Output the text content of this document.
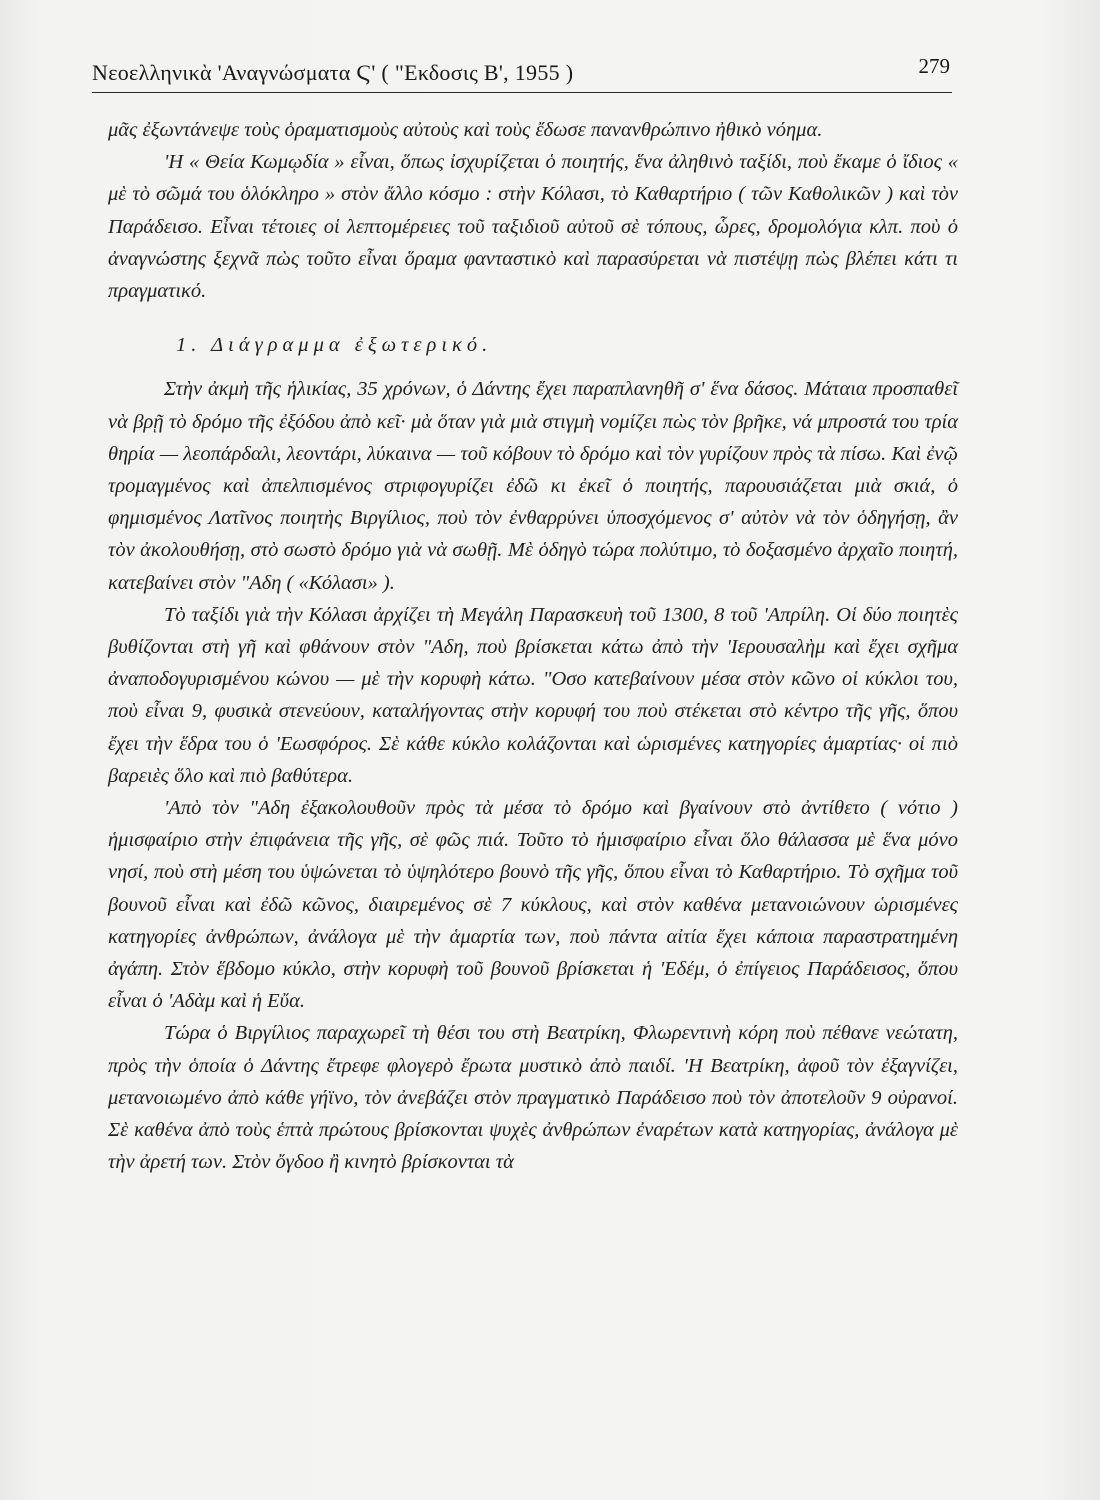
Νεοελληνικὰ 'Αναγνώσματα Ϛ' ( "Εκδοσις Β', 1955 )	279

μᾶς ἐξωντάνεψε τοὺς ὁραματισμοὺς αὐτοὺς καὶ τοὺς ἔδωσε πανανθρώπινο ἠθικὸ νόημα.

'Η « Θεία Κωμῳδία » εἶναι, ὅπως ἰσχυρίζεται ὁ ποιητής, ἕνα ἀληθινὸ ταξίδι, ποὺ ἔκαμε ὁ ἴδιος « μὲ τὸ σῶμά του ὁλόκληρο » στὸν ἄλλο κόσμο : στὴν Κόλασι, τὸ Καθαρτήριο ( τῶν Καθολικῶν ) καὶ τὸν Παράδεισο. Εἶναι τέτοιες οἱ λεπτομέρειες τοῦ ταξιδιοῦ αὐτοῦ σὲ τόπους, ὧρες, δρομολόγια κλπ. ποὺ ὁ ἀναγνώστης ξεχνᾶ πὼς τοῦτο εἶναι ὅραμα φανταστικὸ καὶ παρασύρεται νὰ πιστέψῃ πὼς βλέπει κάτι τι πραγματικό.

1. Διάγραμμα ἐξωτερικό.

Στὴν ἀκμὴ τῆς ἡλικίας, 35 χρόνων, ὁ Δάντης ἔχει παραπλανηθῆ σ' ἕνα δάσος. Μάταια προσπαθεῖ νὰ βρῇ τὸ δρόμο τῆς ἐξόδου ἀπὸ κεῖ· μὰ ὅταν γιὰ μιὰ στιγμὴ νομίζει πὼς τὸν βρῆκε, νά μπροστά του τρία θηρία — λεοπάρδαλι, λεοντάρι, λύκαινα — τοῦ κόβουν τὸ δρόμο καὶ τὸν γυρίζουν πρὸς τὰ πίσω. Καὶ ἐνῷ τρομαγμένος καὶ ἀπελπισμένος στριφογυρίζει ἐδῶ κι ἐκεῖ ὁ ποιητής, παρουσιάζεται μιὰ σκιά, ὁ φημισμένος Λατῖνος ποιητὴς Βιργίλιος, ποὺ τὸν ἐνθαρρύνει ὑποσχόμενος σ' αὐτὸν νὰ τὸν ὁδηγήσῃ, ἂν τὸν ἀκολουθήσῃ, στὸ σωστὸ δρόμο γιὰ νὰ σωθῇ. Μὲ ὁδηγὸ τώρα πολύτιμο, τὸ δοξασμένο ἀρχαῖο ποιητή, κατεβαίνει στὸν "Αδη ( «Κόλασι» ).

Τὸ ταξίδι γιὰ τὴν Κόλασι ἀρχίζει τὴ Μεγάλη Παρασκευὴ τοῦ 1300, 8 τοῦ 'Απρίλη. Οἱ δύο ποιητὲς βυθίζονται στὴ γῆ καὶ φθάνουν στὸν "Αδη, ποὺ βρίσκεται κάτω ἀπὸ τὴν 'Ιερουσαλὴμ καὶ ἔχει σχῆμα ἀναποδογυρισμένου κώνου — μὲ τὴν κορυφὴ κάτω. "Οσο κατεβαίνουν μέσα στὸν κῶνο οἱ κύκλοι του, ποὺ εἶναι 9, φυσικὰ στενεύουν, καταλήγοντας στὴν κορυφή του ποὺ στέκεται στὸ κέντρο τῆς γῆς, ὅπου ἔχει τὴν ἕδρα του ὁ 'Εωσφόρος. Σὲ κάθε κύκλο κολάζονται καὶ ὡρισμένες κατηγορίες ἁμαρτίας· οἱ πιὸ βαρειὲς ὅλο καὶ πιὸ βαθύτερα.

'Απὸ τὸν "Αδη ἐξακολουθοῦν πρὸς τὰ μέσα τὸ δρόμο καὶ βγαίνουν στὸ ἀντίθετο ( νότιο ) ἡμισφαίριο στὴν ἐπιφάνεια τῆς γῆς, σὲ φῶς πιά. Τοῦτο τὸ ἡμισφαίριο εἶναι ὅλο θάλασσα μὲ ἕνα μόνο νησί, ποὺ στὴ μέση του ὑψώνεται τὸ ὑψηλότερο βουνὸ τῆς γῆς, ὅπου εἶναι τὸ Καθαρτήριο. Τὸ σχῆμα τοῦ βουνοῦ εἶναι καὶ ἐδῶ κῶνος, διαιρεμένος σὲ 7 κύκλους, καὶ στὸν καθένα μετανοιώνουν ὡρισμένες κατηγορίες ἀνθρώπων, ἀνάλογα μὲ τὴν ἁμαρτία των, ποὺ πάντα αἰτία ἔχει κάποια παραστρατημένη ἀγάπη. Στὸν ἕβδομο κύκλο, στὴν κορυφὴ τοῦ βουνοῦ βρίσκεται ἡ 'Εδέμ, ὁ ἐπίγειος Παράδεισος, ὅπου εἶναι ὁ 'Αδὰμ καὶ ἡ Εὔα.

Τώρα ὁ Βιργίλιος παραχωρεῖ τὴ θέσι του στὴ Βεατρίκη, Φλωρεντινὴ κόρη ποὺ πέθανε νεώτατη, πρὸς τὴν ὁποία ὁ Δάντης ἔτρεφε φλογερὸ ἔρωτα μυστικὸ ἀπὸ παιδί. 'Η Βεατρίκη, ἀφοῦ τὸν ἐξαγνίζει, μετανοιωμένο ἀπὸ κάθε γήϊνο, τὸν ἀνεβάζει στὸν πραγματικὸ Παράδεισο ποὺ τὸν ἀποτελοῦν 9 οὐρανοί. Σὲ καθένα ἀπὸ τοὺς ἑπτὰ πρώτους βρίσκονται ψυχὲς ἀνθρώπων ἐναρέτων κατὰ κατηγορίας, ἀνάλογα μὲ τὴν ἀρετή των. Στὸν ὄγδοο ἢ κινητὸ βρίσκονται τὰ
